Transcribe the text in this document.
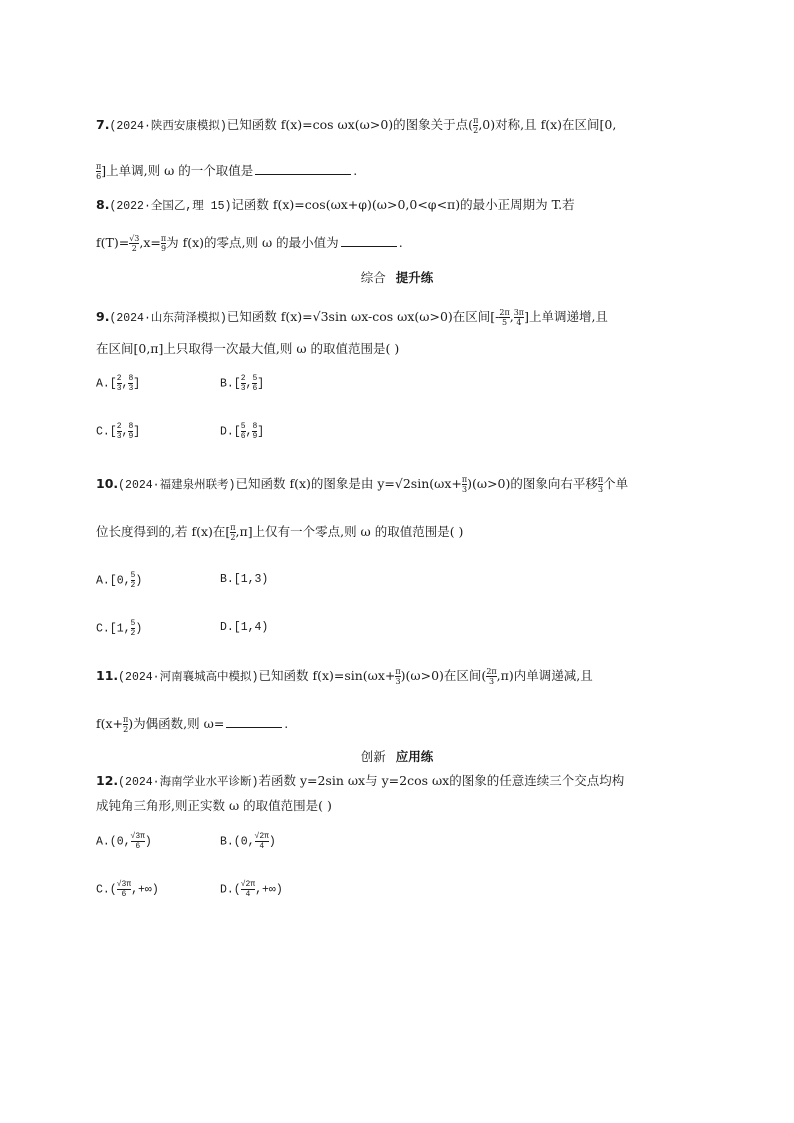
7.(2024·陕西安康模拟)已知函数 f(x)=cos ωx(ω>0)的图象关于点( $\frac{\pi}{2} ,0$)对称,且 f(x)在区间[0,
$\frac{\pi}{6}$ ]上单调,则 ω 的一个取值是	.
8.(2022·全国乙,理 15)记函数 f(x)=cos(ωx+φ)(ω>0,0<φ<π)的最小正周期为 T.若
$f(T)= \frac{√3}{2} ,x= \frac{\pi}{9}$ 为 f(x)的零点,则 ω 的最小值为	.
综合 提升练
9.(2024·山东菏泽模拟)已知函数 f(x)=√3sin ωx-cos ωx(ω>0)在区间[- $\frac{2\pi}{5}$ , $\frac{3\pi}{4}$ ]上单调递增,且
在区间[0,π]上只取得一次最大值,则 ω 的取值范围是( )
$A.[ \frac{2}{3}$ , $\frac{8}{3}$ ]	$B.[ \frac{2}{3}$ , $\frac{5}{6}$ ]
$C.[ \frac{2}{3}$ , $\frac{8}{9}$ ]	$D.[ \frac{5}{6}$ , $\frac{8}{9}$ ]
10.(2024·福建泉州联考)已知函数 f(x)的图象是由 $y=√2\sin(\omega x+ \frac{\pi}{3} )(\omega>0)$的图象向右平移 $\frac{\pi}{3}$ 个单
位长度得到的,若 f(x)在[ $\frac{\pi}{2} ,\pi$]上仅有一个零点,则 ω 的取值范围是( )
A.[0, $\frac{5}{2}$ )	B.[1,3)
C.[1, $\frac{5}{2}$ )	D.[1,4)
11.(2024·河南襄城高中模拟)已知函数 $f(x)=\sin(\omega x+ \frac{\pi}{3} )(\omega>0)$在区间( $\frac{2\pi}{3} ,\pi$)内单调递减,且
$f(x+ \frac{\pi}{2}$ )为偶函数,则 ω=	.
创新 应用练
12.(2024·海南学业水平诊断)若函数 y=2sin ωx与 y=2cos ωx的图象的任意连续三个交点均构
成钝角三角形,则正实数 ω 的取值范围是( )
A.(0, $\frac{√3\pi}{6}$ )	B.(0, $\frac{√2\pi}{4}$ )
$C.( \frac{√3\pi}{6}$ ,+∞)	$D.( \frac{√2\pi}{4}$ ,+∞)
